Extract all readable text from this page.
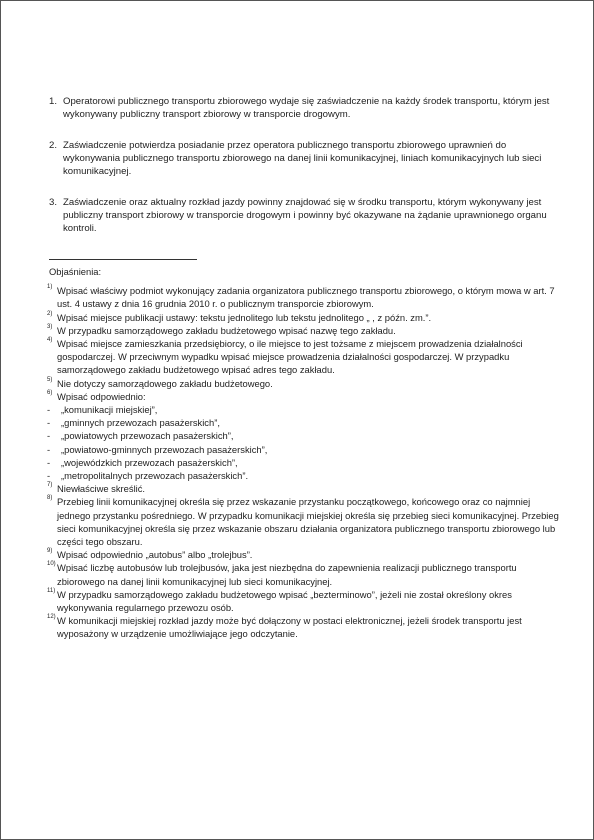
1. Operatorowi publicznego transportu zbiorowego wydaje się zaświadczenie na każdy środek transportu, którym jest wykonywany publiczny transport zbiorowy w transporcie drogowym.
2. Zaświadczenie potwierdza posiadanie przez operatora publicznego transportu zbiorowego uprawnień do wykonywania publicznego transportu zbiorowego na danej linii komunikacyjnej, liniach komunikacyjnych lub sieci komunikacyjnej.
3. Zaświadczenie oraz aktualny rozkład jazdy powinny znajdować się w środku transportu, którym wykonywany jest publiczny transport zbiorowy w transporcie drogowym i powinny być okazywane na żądanie uprawnionego organu kontroli.

Objaśnienia:

1) Wpisać właściwy podmiot wykonujący zadania organizatora publicznego transportu zbiorowego, o którym mowa w art. 7 ust. 4 ustawy z dnia 16 grudnia 2010 r. o publicznym transporcie zbiorowym.

2) Wpisać miejsce publikacji ustawy: tekstu jednolitego lub tekstu jednolitego „ , z późn. zm.”.

3) W przypadku samorządowego zakładu budżetowego wpisać nazwę tego zakładu.

4) Wpisać miejsce zamieszkania przedsiębiorcy, o ile miejsce to jest tożsame z miejscem prowadzenia działalności gospodarczej. W przeciwnym wypadku wpisać miejsce prowadzenia działalności gospodarczej. W przypadku samorządowego zakładu budżetowego wpisać adres tego zakładu.

5) Nie dotyczy samorządowego zakładu budżetowego.

6) Wpisać odpowiednio:

- „komunikacji miejskiej”,

- „gminnych przewozach pasażerskich”,

- „powiatowych przewozach pasażerskich”,

- „powiatowo-gminnych przewozach pasażerskich”,

- „wojewódzkich przewozach pasażerskich”,

- „metropolitalnych przewozach pasażerskich”.

7) Niewłaściwe skreślić.

8) Przebieg linii komunikacyjnej określa się przez wskazanie przystanku początkowego, końcowego oraz co najmniej jednego przystanku pośredniego. W przypadku komunikacji miejskiej określa się przebieg sieci komunikacyjnej. Przebieg sieci komunikacyjnej określa się przez wskazanie obszaru działania organizatora publicznego transportu zbiorowego lub części tego obszaru.

9) Wpisać odpowiednio „autobus” albo „trolejbus”.

10) Wpisać liczbę autobusów lub trolejbusów, jaka jest niezbędna do zapewnienia realizacji publicznego transportu zbiorowego na danej linii komunikacyjnej lub sieci komunikacyjnej.

11) W przypadku samorządowego zakładu budżetowego wpisać „bezterminowo”, jeżeli nie został określony okres wykonywania regularnego przewozu osób.

12) W komunikacji miejskiej rozkład jazdy może być dołączony w postaci elektronicznej, jeżeli środek transportu jest wyposażony w urządzenie umożliwiające jego odczytanie.
